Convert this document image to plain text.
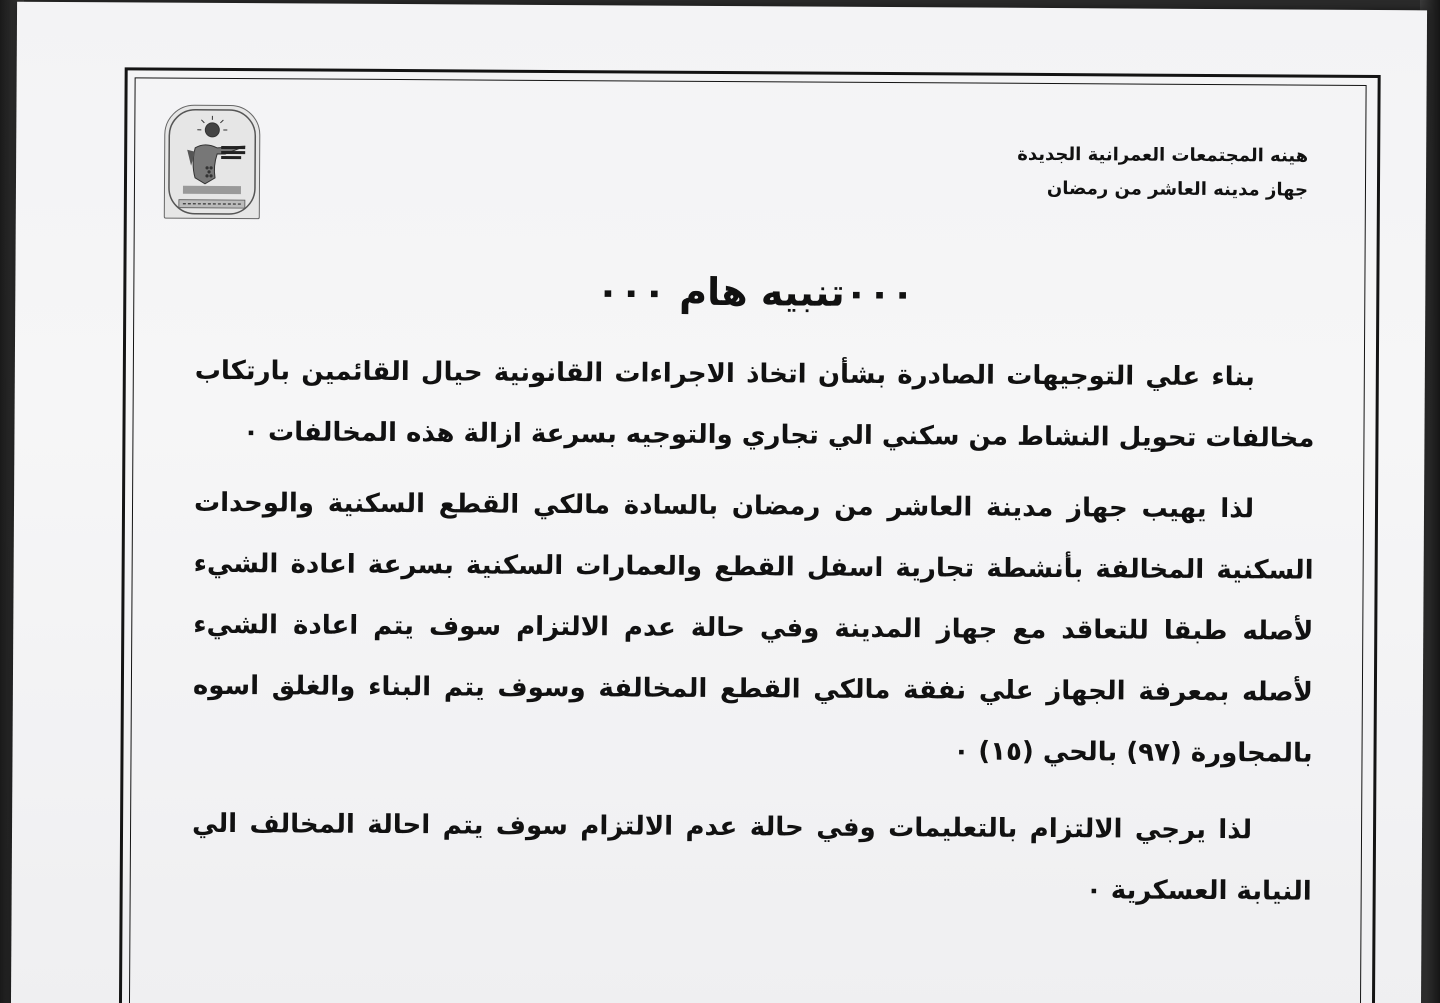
هينه المجتمعات العمرانية الجديدة
جهاز مدينه العاشر من رمضان
٠٠٠تنبيه هام ٠٠٠

بناء علي التوجيهات الصادرة بشأن اتخاذ الاجراءات القانونية حيال القائمين بارتكاب مخالفات تحويل النشاط من سكني الي تجاري والتوجيه بسرعة ازالة هذه المخالفات ٠

لذا يهيب جهاز مدينة العاشر من رمضان بالسادة مالكي القطع السكنية والوحدات السكنية المخالفة بأنشطة تجارية اسفل القطع والعمارات السكنية بسرعة اعادة الشيء لأصله طبقا للتعاقد مع جهاز المدينة وفي حالة عدم الالتزام سوف يتم اعادة الشيء لأصله بمعرفة الجهاز علي نفقة مالكي القطع المخالفة وسوف يتم البناء والغلق اسوه بالمجاورة (٩٧) بالحي (١٥) ٠

لذا يرجي الالتزام بالتعليمات وفي حالة عدم الالتزام سوف يتم احالة المخالف الي النيابة العسكرية ٠
